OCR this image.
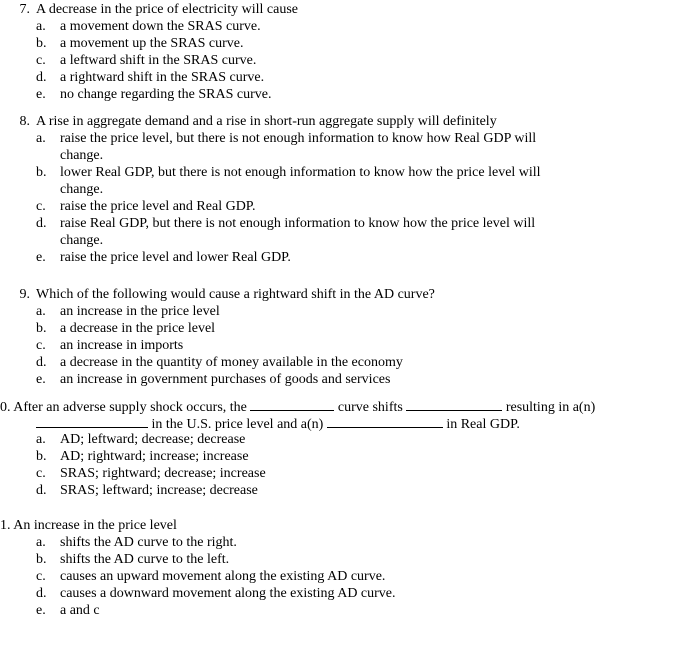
7. A decrease in the price of electricity will cause
a.	a movement down the SRAS curve.
b. a movement up the SRAS curve.
c.	a leftward shift in the SRAS curve.
d. a rightward shift in the SRAS curve.
e.	no change regarding the SRAS curve.
8. A rise in aggregate demand and a rise in short-run aggregate supply will definitely
a.	raise the price level, but there is not enough information to know how Real GDP will change.
b. lower Real GDP, but there is not enough information to know how the price level will change.
c.	raise the price level and Real GDP.
d. raise Real GDP, but there is not enough information to know how the price level will change.
e.	raise the price level and lower Real GDP.
9. Which of the following would cause a rightward shift in the AD curve?
a.	an increase in the price level
b. a decrease in the price level
c.	an increase in imports
d. a decrease in the quantity of money available in the economy
e.	an increase in government purchases of goods and services
0. After an adverse supply shock occurs, the	curve shifts	resulting in a(n)
in the U.S. price level and a(n)	in Real GDP.
a.	AD; leftward; decrease; decrease
b. AD; rightward; increase; increase
c.	SRAS; rightward; decrease; increase
d. SRAS; leftward; increase; decrease
1. An increase in the price level
a.	shifts the AD curve to the right.
b. shifts the AD curve to the left.
c.	causes an upward movement along the existing AD curve.
d. causes a downward movement along the existing AD curve.
e.	a and c
